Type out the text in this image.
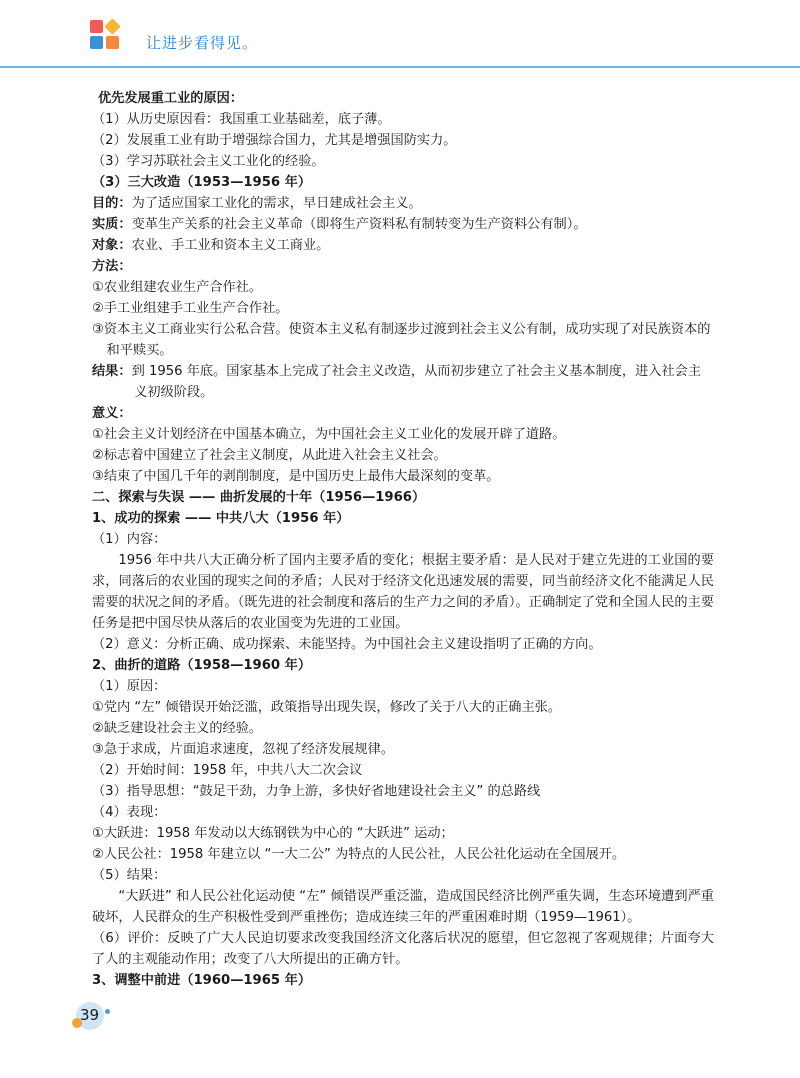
让进步看得见。
优先发展重工业的原因：
（1）从历史原因看：我国重工业基础差，底子薄。
（2）发展重工业有助于增强综合国力，尤其是增强国防实力。
（3）学习苏联社会主义工业化的经验。
（3）三大改造（1953—1956 年）
目的：为了适应国家工业化的需求，早日建成社会主义。
实质：变革生产关系的社会主义革命（即将生产资料私有制转变为生产资料公有制）。
对象：农业、手工业和资本主义工商业。
方法：
①农业组建农业生产合作社。
②手工业组建手工业生产合作社。
③资本主义工商业实行公私合营。使资本主义私有制逐步过渡到社会主义公有制，成功实现了对民族资本的和平赎买。
结果：到 1956 年底。国家基本上完成了社会主义改造，从而初步建立了社会主义基本制度，进入社会主义初级阶段。
意义：
①社会主义计划经济在中国基本确立，为中国社会主义工业化的发展开辟了道路。
②标志着中国建立了社会主义制度，从此进入社会主义社会。
③结束了中国几千年的剥削制度，是中国历史上最伟大最深刻的变革。
二、探索与失误 —— 曲折发展的十年（1956—1966）
1、成功的探索 —— 中共八大（1956 年）
（1）内容：
1956 年中共八大正确分析了国内主要矛盾的变化；根据主要矛盾：是人民对于建立先进的工业国的要求，同落后的农业国的现实之间的矛盾；人民对于经济文化迅速发展的需要，同当前经济文化不能满足人民需要的状况之间的矛盾。（既先进的社会制度和落后的生产力之间的矛盾）。正确制定了党和全国人民的主要任务是把中国尽快从落后的农业国变为先进的工业国。
（2）意义：分析正确、成功探索、未能坚持。为中国社会主义建设指明了正确的方向。
2、曲折的道路（1958—1960 年）
（1）原因：
①党内 “左” 倾错误开始泛滥，政策指导出现失误，修改了关于八大的正确主张。
②缺乏建设社会主义的经验。
③急于求成，片面追求速度，忽视了经济发展规律。
（2）开始时间：1958 年，中共八大二次会议
（3）指导思想：“鼓足干劲，力争上游，多快好省地建设社会主义” 的总路线
（4）表现：
①大跃进：1958 年发动以大练钢铁为中心的 “大跃进” 运动；
②人民公社：1958 年建立以 “一大二公” 为特点的人民公社，人民公社化运动在全国展开。
（5）结果：
“大跃进” 和人民公社化运动使 “左” 倾错误严重泛滥，造成国民经济比例严重失调，生态环境遭到严重破坏，人民群众的生产积极性受到严重挫伤；造成连续三年的严重困难时期（1959—1961）。
（6）评价：反映了广大人民迫切要求改变我国经济文化落后状况的愿望，但它忽视了客观规律；片面夸大了人的主观能动作用；改变了八大所提出的正确方针。
3、调整中前进（1960—1965 年）
39
